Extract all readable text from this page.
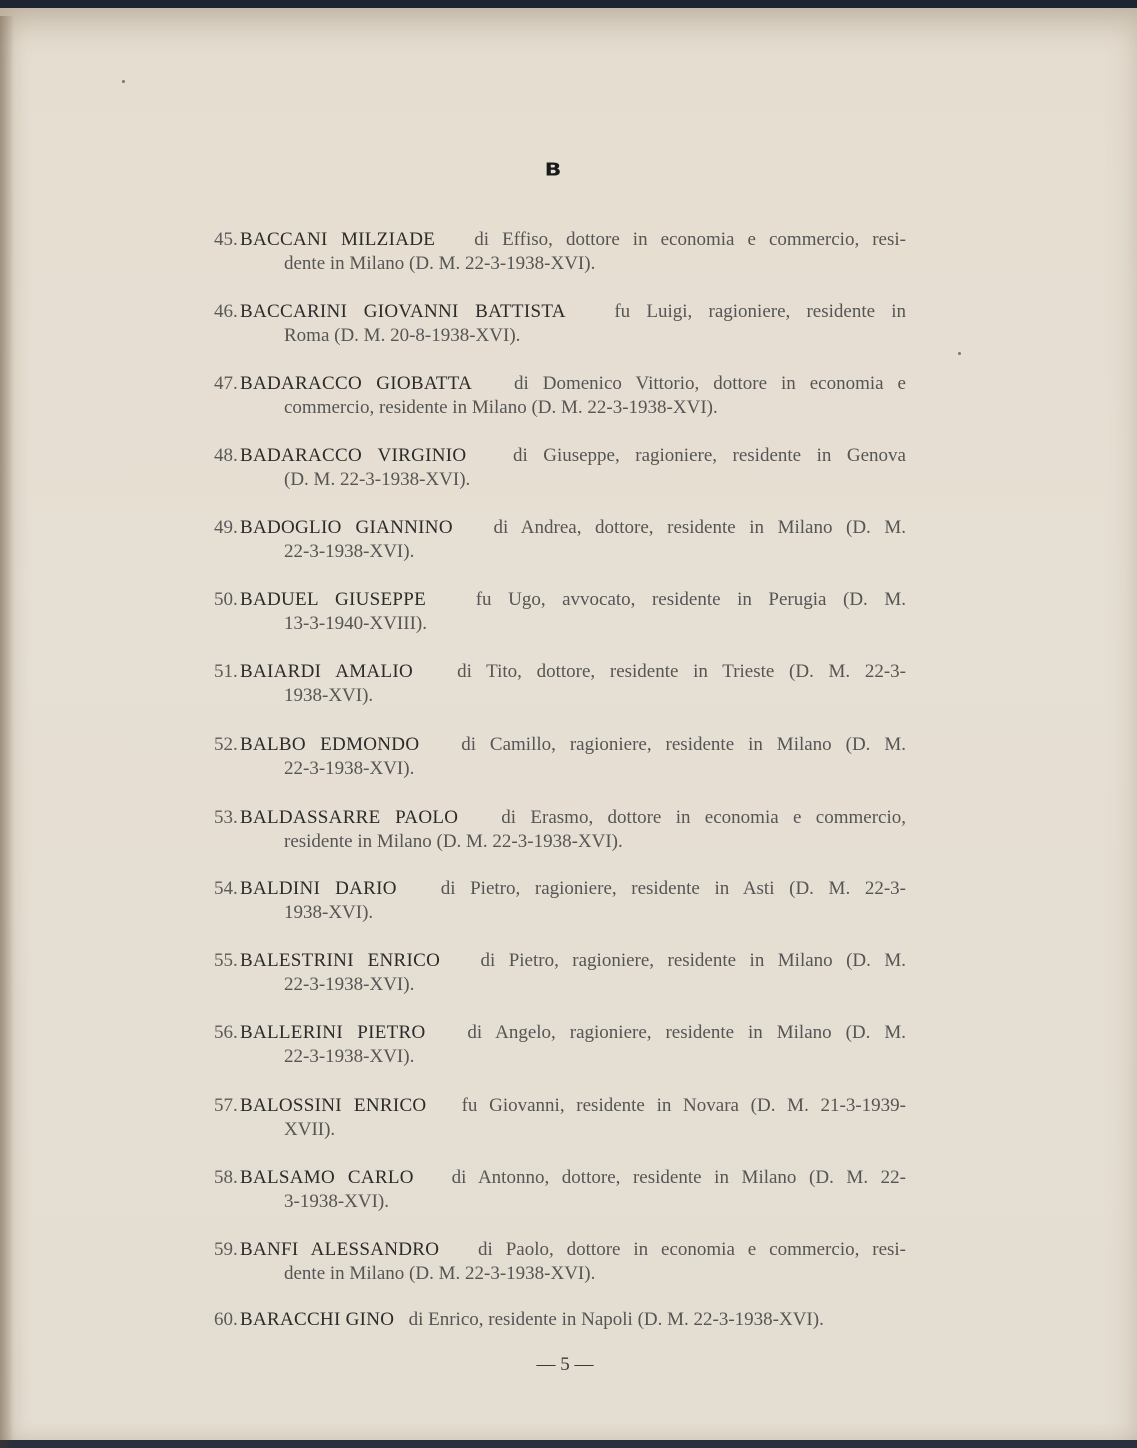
B
45. BACCANI MILZIADE di Effiso, dottore in economia e commercio, resi-
dente in Milano (D. M. 22-3-1938-XVI).
46. BACCARINI GIOVANNI BATTISTA	fu Luigi, ragioniere, residente in
Roma (D. M. 20-8-1938-XVI).
47. BADARACCO GIOBATTA di Domenico Vittorio, dottore in economia e
commercio, residente in Milano (D. M. 22-3-1938-XVI).
48. BADARACCO VIRGINIO di Giuseppe, ragioniere, residente in Genova
(D. M. 22-3-1938-XVI).
49. BADOGLIO GIANNINO di Andrea, dottore, residente in Milano (D. M.
22-3-1938-XVI).
50. BADUEL GIUSEPPE	fu Ugo, avvocato, residente in Perugia (D. M.
13-3-1940-XVIII).
51. BAIARDI AMALIO di Tito, dottore, residente in Trieste (D. M. 22-3-
1938-XVI).
52. BALBO EDMONDO di Camillo, ragioniere, residente in Milano (D. M.
22-3-1938-XVI).
53. BALDASSARRE PAOLO di Erasmo, dottore in economia e commercio,
residente in Milano (D. M. 22-3-1938-XVI).
54. BALDINI DARIO di Pietro, ragioniere, residente in Asti (D. M. 22-3-
1938-XVI).
55. BALESTRINI ENRICO di Pietro, ragioniere, residente in Milano (D. M.
22-3-1938-XVI).
56. BALLERINI PIETRO di Angelo, ragioniere, residente in Milano (D. M.
22-3-1938-XVI).
57. BALOSSINI ENRICO fu Giovanni, residente in Novara (D. M. 21-3-1939-
XVII).
58. BALSAMO CARLO di Antonno, dottore, residente in Milano (D. M. 22-
3-1938-XVI).
59. BANFI ALESSANDRO di Paolo, dottore in economia e commercio, resi-
dente in Milano (D. M. 22-3-1938-XVI).
60. BARACCHI GINO di Enrico, residente in Napoli (D. M. 22-3-1938-XVI).
— 5 —
